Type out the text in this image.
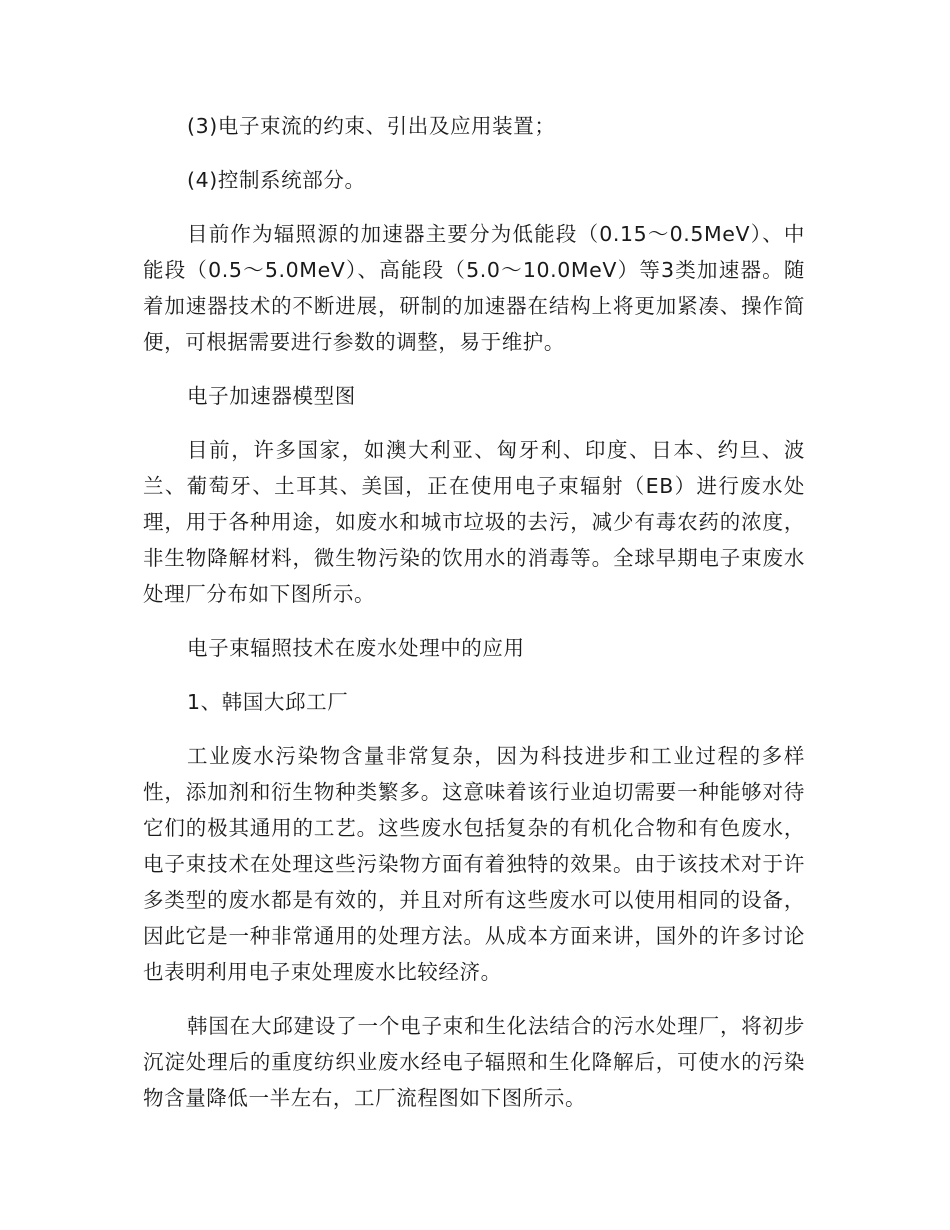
(3)电子束流的约束、引出及应用装置；

(4)控制系统部分。

目前作为辐照源的加速器主要分为低能段（0.15～0.5MeV）、中能段（0.5～5.0MeV）、高能段（5.0～10.0MeV）等3类加速器。随着加速器技术的不断进展，研制的加速器在结构上将更加紧凑、操作简便，可根据需要进行参数的调整，易于维护。

电子加速器模型图

目前，许多国家，如澳大利亚、匈牙利、印度、日本、约旦、波兰、葡萄牙、土耳其、美国，正在使用电子束辐射（EB）进行废水处理，用于各种用途，如废水和城市垃圾的去污，减少有毒农药的浓度，非生物降解材料，微生物污染的饮用水的消毒等。全球早期电子束废水处理厂分布如下图所示。

电子束辐照技术在废水处理中的应用

1、韩国大邱工厂

工业废水污染物含量非常复杂，因为科技进步和工业过程的多样性，添加剂和衍生物种类繁多。这意味着该行业迫切需要一种能够对待它们的极其通用的工艺。这些废水包括复杂的有机化合物和有色废水，电子束技术在处理这些污染物方面有着独特的效果。由于该技术对于许多类型的废水都是有效的，并且对所有这些废水可以使用相同的设备，因此它是一种非常通用的处理方法。从成本方面来讲，国外的许多讨论也表明利用电子束处理废水比较经济。

韩国在大邱建设了一个电子束和生化法结合的污水处理厂，将初步沉淀处理后的重度纺织业废水经电子辐照和生化降解后，可使水的污染物含量降低一半左右，工厂流程图如下图所示。
